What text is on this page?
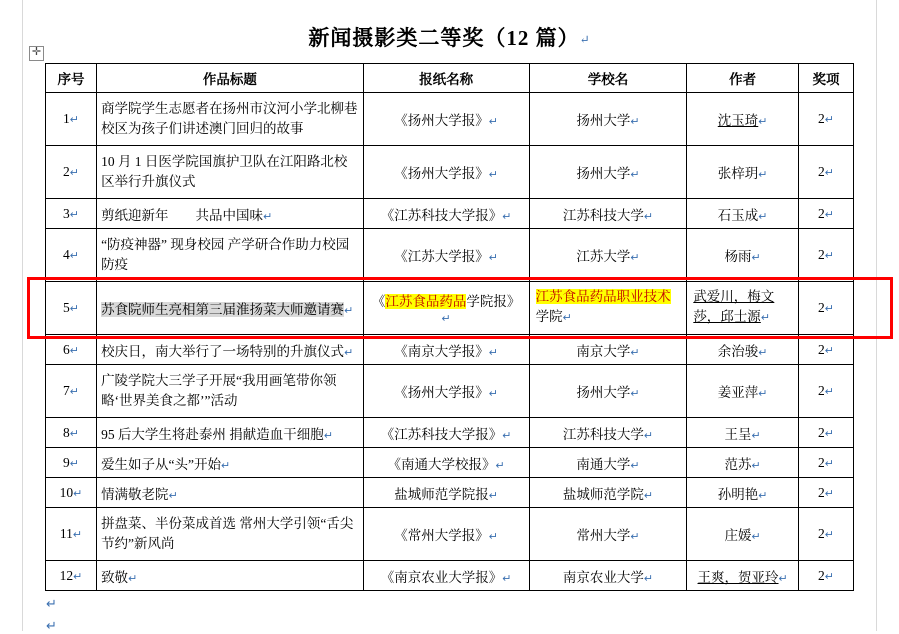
新闻摄影类二等奖（12 篇）↵
✛
序号	作品标题	报纸名称	学校名	作者	奖项
1↵	商学院学生志愿者在扬州市汶河小学北柳巷校区为孩子们讲述澳门回归的故事	《扬州大学报》↵	扬州大学↵	沈玉琦↵	2↵
2↵	10 月 1 日医学院国旗护卫队在江阳路北校区举行升旗仪式	《扬州大学报》↵	扬州大学↵	张梓玥↵	2↵
3↵	剪纸迎新年　　共品中国味↵	《江苏科技大学报》↵	江苏科技大学↵	石玉成↵	2↵
4↵	“防疫神器” 现身校园 产学研合作助力校园防疫	《江苏大学报》↵	江苏大学↵	杨雨↵	2↵
5↵	苏食院师生亮相第三届淮扬菜大师邀请赛↵	《江苏食品药品学院报》↵	江苏食品药品职业技术
学院↵	武爱川，梅文莎，邱士源↵	2↵
6↵	校庆日，南大举行了一场特别的升旗仪式↵	《南京大学报》↵	南京大学↵	余治骏↵	2↵
7↵	广陵学院大三学子开展“我用画笔带你领略‘世界美食之都’”活动	《扬州大学报》↵	扬州大学↵	姜亚萍↵	2↵
8↵	95 后大学生将赴泰州 捐献造血干细胞↵	《江苏科技大学报》↵	江苏科技大学↵	王呈↵	2↵
9↵	爱生如子从“头”开始↵	《南通大学校报》↵	南通大学↵	范苏↵	2↵
10↵	情满敬老院↵	盐城师范学院报↵	盐城师范学院↵	孙明艳↵	2↵
11↵	拼盘菜、半份菜成首选 常州大学引领“舌尖节约”新风尚	《常州大学报》↵	常州大学↵	庄媛↵	2↵
12↵	致敬↵	《南京农业大学报》↵	南京农业大学↵	王爽，贺亚玲↵	2↵
↵
↵
